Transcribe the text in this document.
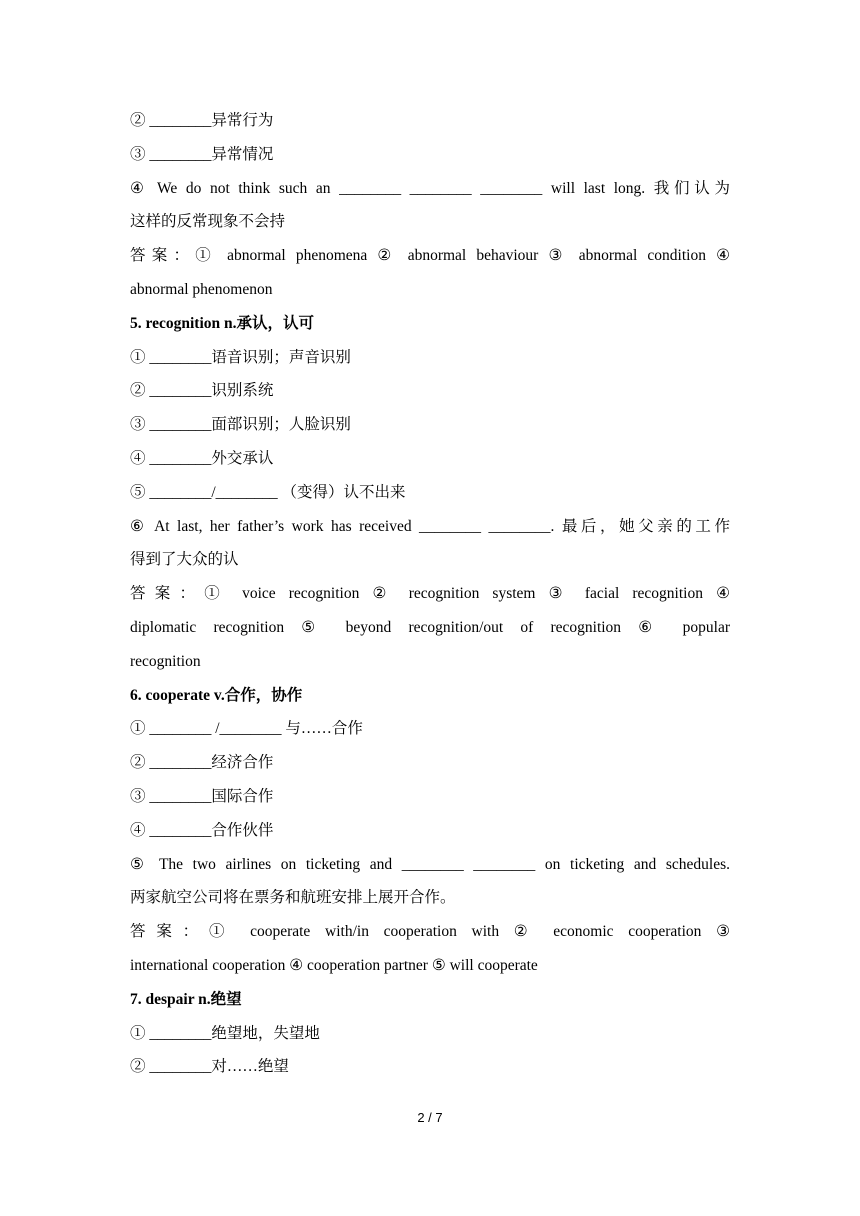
② ________异常行为
③ ________异常情况
④ We do not think such an ________ ________ ________ will last long. 我们认为
这样的反常现象不会持
答案：① abnormal phenomena ② abnormal behaviour ③ abnormal condition ④
abnormal phenomenon
5. recognition n.承认，认可
① ________语音识别；声音识别
② ________识别系统
③ ________面部识别；人脸识别
④ ________外交承认
⑤ ________/________ （变得）认不出来
⑥ At last, her father’s work has received ________ ________. 最后，她父亲的工作
得到了大众的认
答案：① voice recognition ② recognition system ③ facial recognition ④
diplomatic recognition ⑤ beyond recognition/out of recognition ⑥ popular
recognition
6. cooperate v.合作，协作
① ________ /________ 与……合作
② ________经济合作
③ ________国际合作
④ ________合作伙伴
⑤ The two airlines on ticketing and ________ ________ on ticketing and schedules.
两家航空公司将在票务和航班安排上展开合作。
答案：① cooperate with/in cooperation with ② economic cooperation ③
international cooperation ④ cooperation partner ⑤ will cooperate
7. despair n.绝望
① ________绝望地，失望地
② ________对……绝望
2 / 7
